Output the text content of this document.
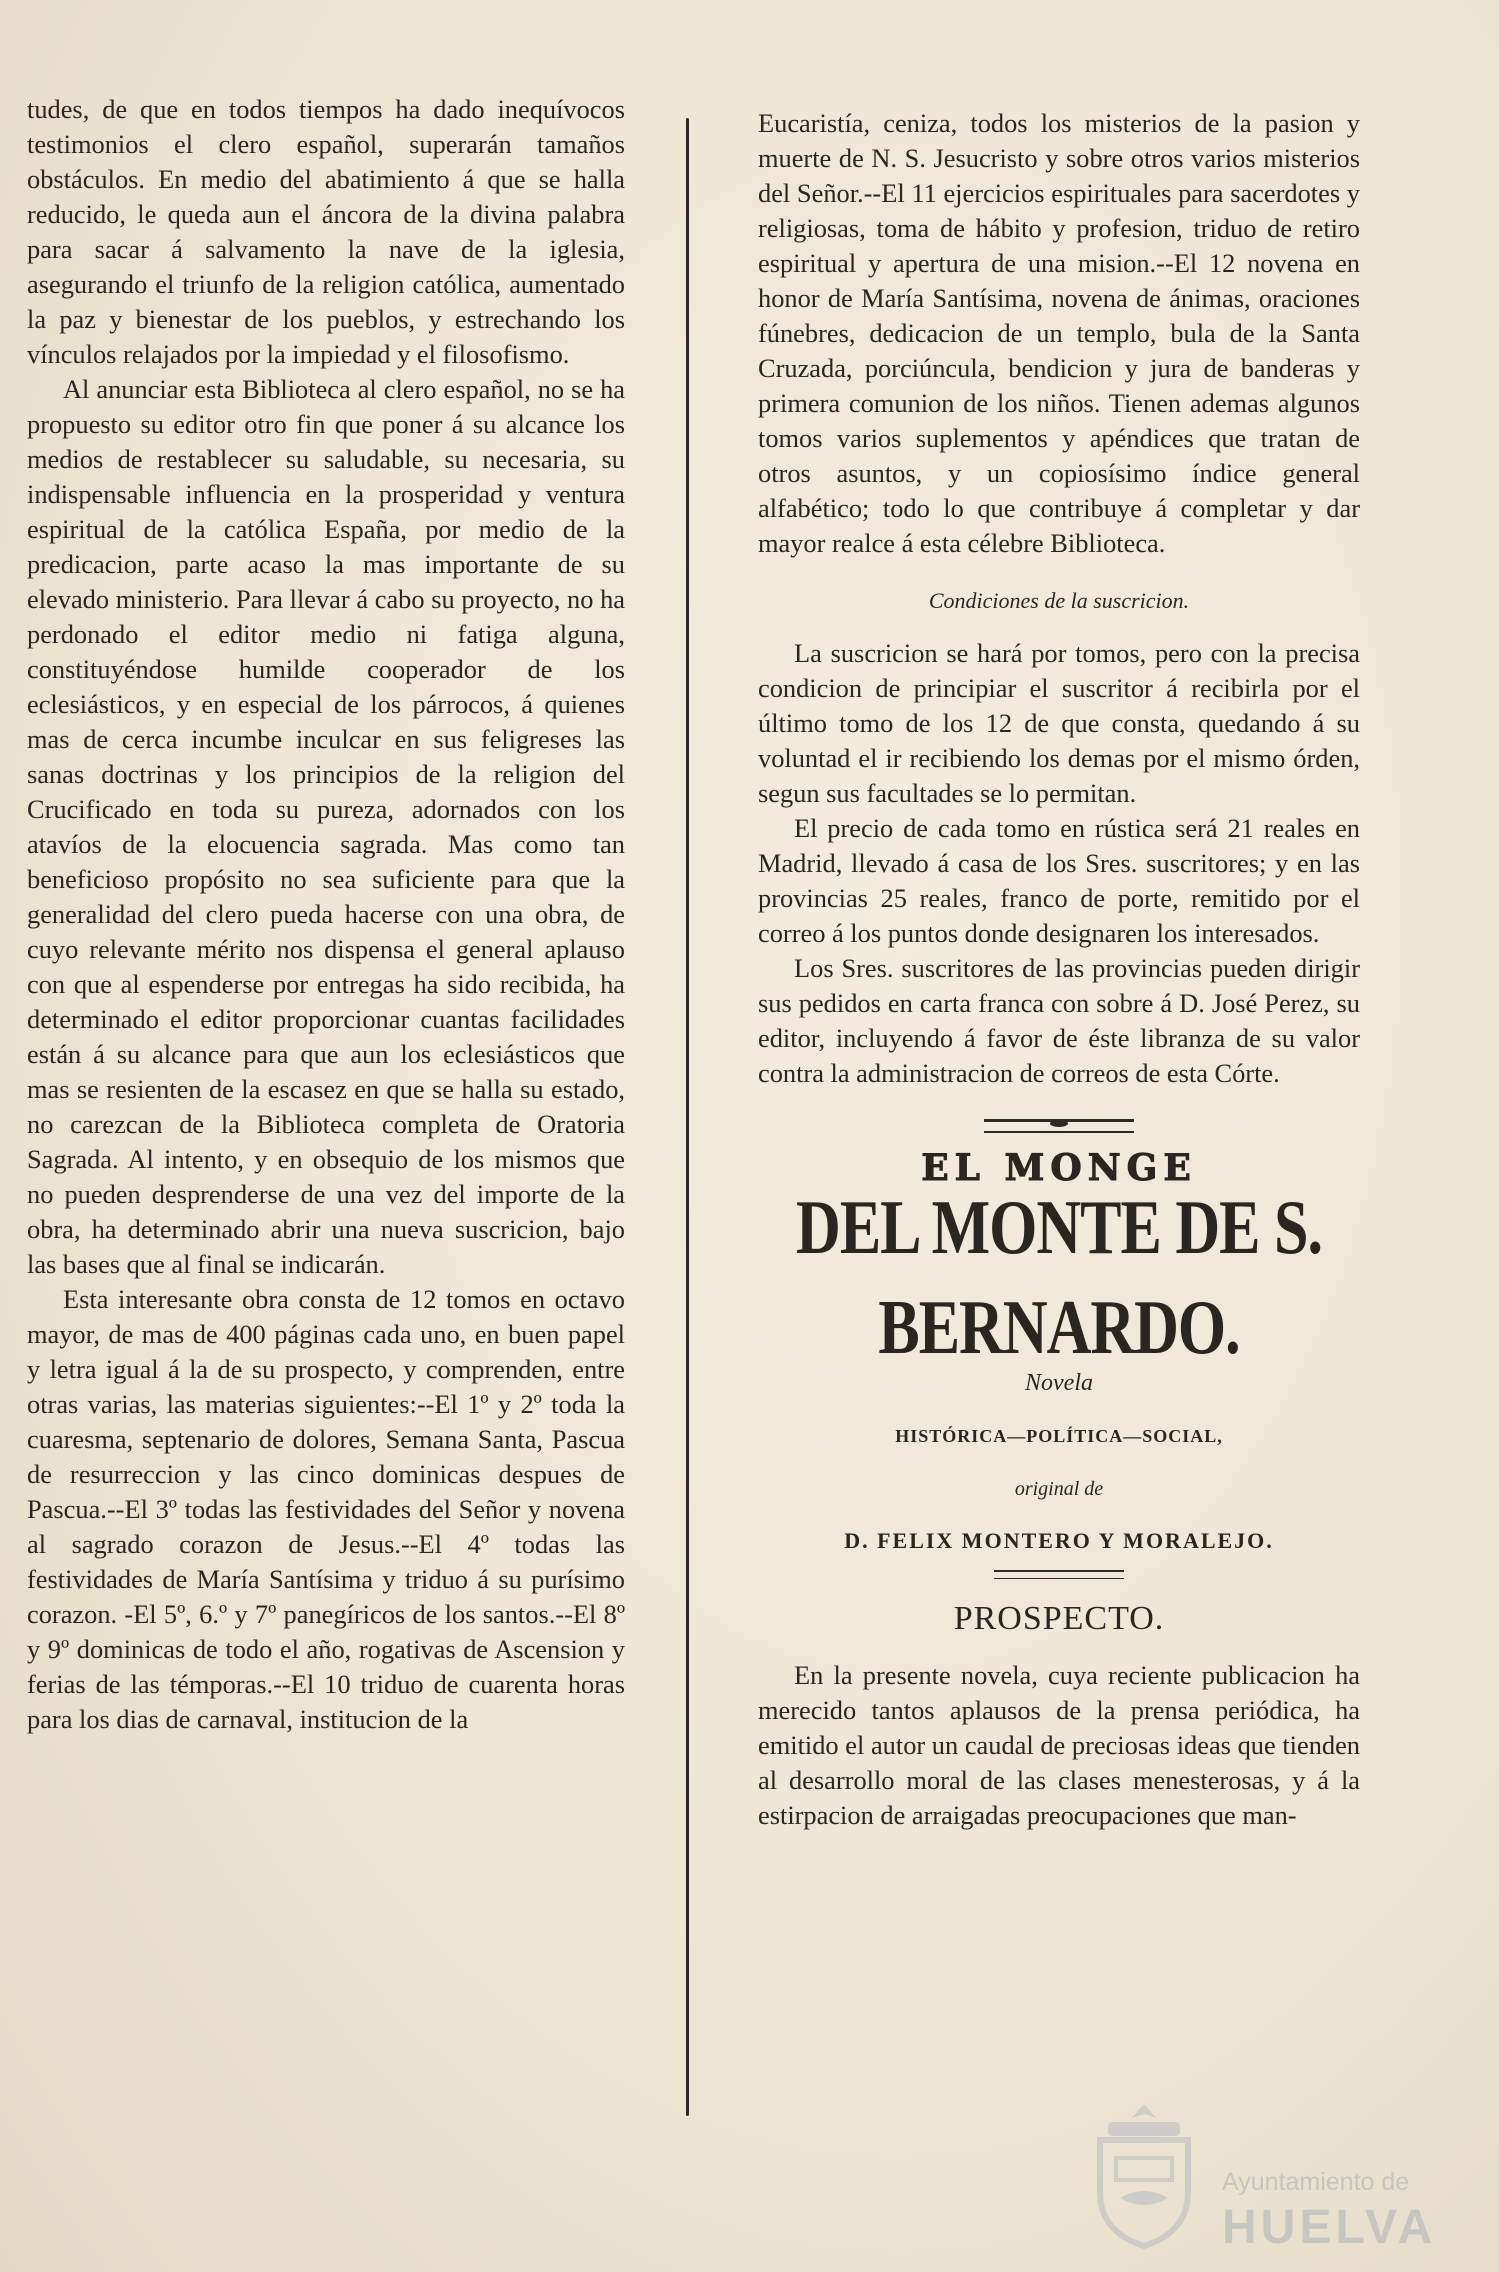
tudes, de que en todos tiempos ha dado inequívocos testimonios el clero español, superarán tamaños obstáculos. En medio del abatimiento á que se halla reducido, le queda aun el áncora de la divina palabra para sacar á salvamento la nave de la iglesia, asegurando el triunfo de la religion católica, aumentado la paz y bienestar de los pueblos, y estrechando los vínculos relajados por la impiedad y el filosofismo.

Al anunciar esta Biblioteca al clero español, no se ha propuesto su editor otro fin que poner á su alcance los medios de restablecer su saludable, su necesaria, su indispensable influencia en la prosperidad y ventura espiritual de la católica España, por medio de la predicacion, parte acaso la mas importante de su elevado ministerio. Para llevar á cabo su proyecto, no ha perdonado el editor medio ni fatiga alguna, constituyéndose humilde cooperador de los eclesiásticos, y en especial de los párrocos, á quienes mas de cerca incumbe inculcar en sus feligreses las sanas doctrinas y los principios de la religion del Crucificado en toda su pureza, adornados con los atavíos de la elocuencia sagrada. Mas como tan beneficioso propósito no sea suficiente para que la generalidad del clero pueda hacerse con una obra, de cuyo relevante mérito nos dispensa el general aplauso con que al espenderse por entregas ha sido recibida, ha determinado el editor proporcionar cuantas facilidades están á su alcance para que aun los eclesiásticos que mas se resienten de la escasez en que se halla su estado, no carezcan de la Biblioteca completa de Oratoria Sagrada. Al intento, y en obsequio de los mismos que no pueden desprenderse de una vez del importe de la obra, ha determinado abrir una nueva suscricion, bajo las bases que al final se indicarán.

Esta interesante obra consta de 12 tomos en octavo mayor, de mas de 400 páginas cada uno, en buen papel y letra igual á la de su prospecto, y comprenden, entre otras varias, las materias siguientes:--El 1º y 2º toda la cuaresma, septenario de dolores, Semana Santa, Pascua de resurreccion y las cinco dominicas despues de Pascua.--El 3º todas las festividades del Señor y novena al sagrado corazon de Jesus.--El 4º todas las festividades de María Santísima y triduo á su purísimo corazon. -El 5º, 6.º y 7º panegíricos de los santos.--El 8º y 9º dominicas de todo el año, rogativas de Ascension y ferias de las témporas.--El 10 triduo de cuarenta horas para los dias de carnaval, institucion de la

Eucaristía, ceniza, todos los misterios de la pasion y muerte de N. S. Jesucristo y sobre otros varios misterios del Señor.--El 11 ejercicios espirituales para sacerdotes y religiosas, toma de hábito y profesion, triduo de retiro espiritual y apertura de una mision.--El 12 novena en honor de María Santísima, novena de ánimas, oraciones fúnebres, dedicacion de un templo, bula de la Santa Cruzada, porciúncula, bendicion y jura de banderas y primera comunion de los niños. Tienen ademas algunos tomos varios suplementos y apéndices que tratan de otros asuntos, y un copiosísimo índice general alfabético; todo lo que contribuye á completar y dar mayor realce á esta célebre Biblioteca.

Condiciones de la suscricion.

La suscricion se hará por tomos, pero con la precisa condicion de principiar el suscritor á recibirla por el último tomo de los 12 de que consta, quedando á su voluntad el ir recibiendo los demas por el mismo órden, segun sus facultades se lo permitan.

El precio de cada tomo en rústica será 21 reales en Madrid, llevado á casa de los Sres. suscritores; y en las provincias 25 reales, franco de porte, remitido por el correo á los puntos donde designaren los interesados.

Los Sres. suscritores de las provincias pueden dirigir sus pedidos en carta franca con sobre á D. José Perez, su editor, incluyendo á favor de éste libranza de su valor contra la administracion de correos de esta Córte.

EL MONGE
DEL MONTE DE S. BERNARDO.
Novela
HISTÓRICA—POLÍTICA—SOCIAL,
original de
D. FELIX MONTERO Y MORALEJO.
PROSPECTO.

En la presente novela, cuya reciente publicacion ha merecido tantos aplausos de la prensa periódica, ha emitido el autor un caudal de preciosas ideas que tienden al desarrollo moral de las clases menesterosas, y á la estirpacion de arraigadas preocupaciones que man-

Ayuntamiento de
HUELVA
